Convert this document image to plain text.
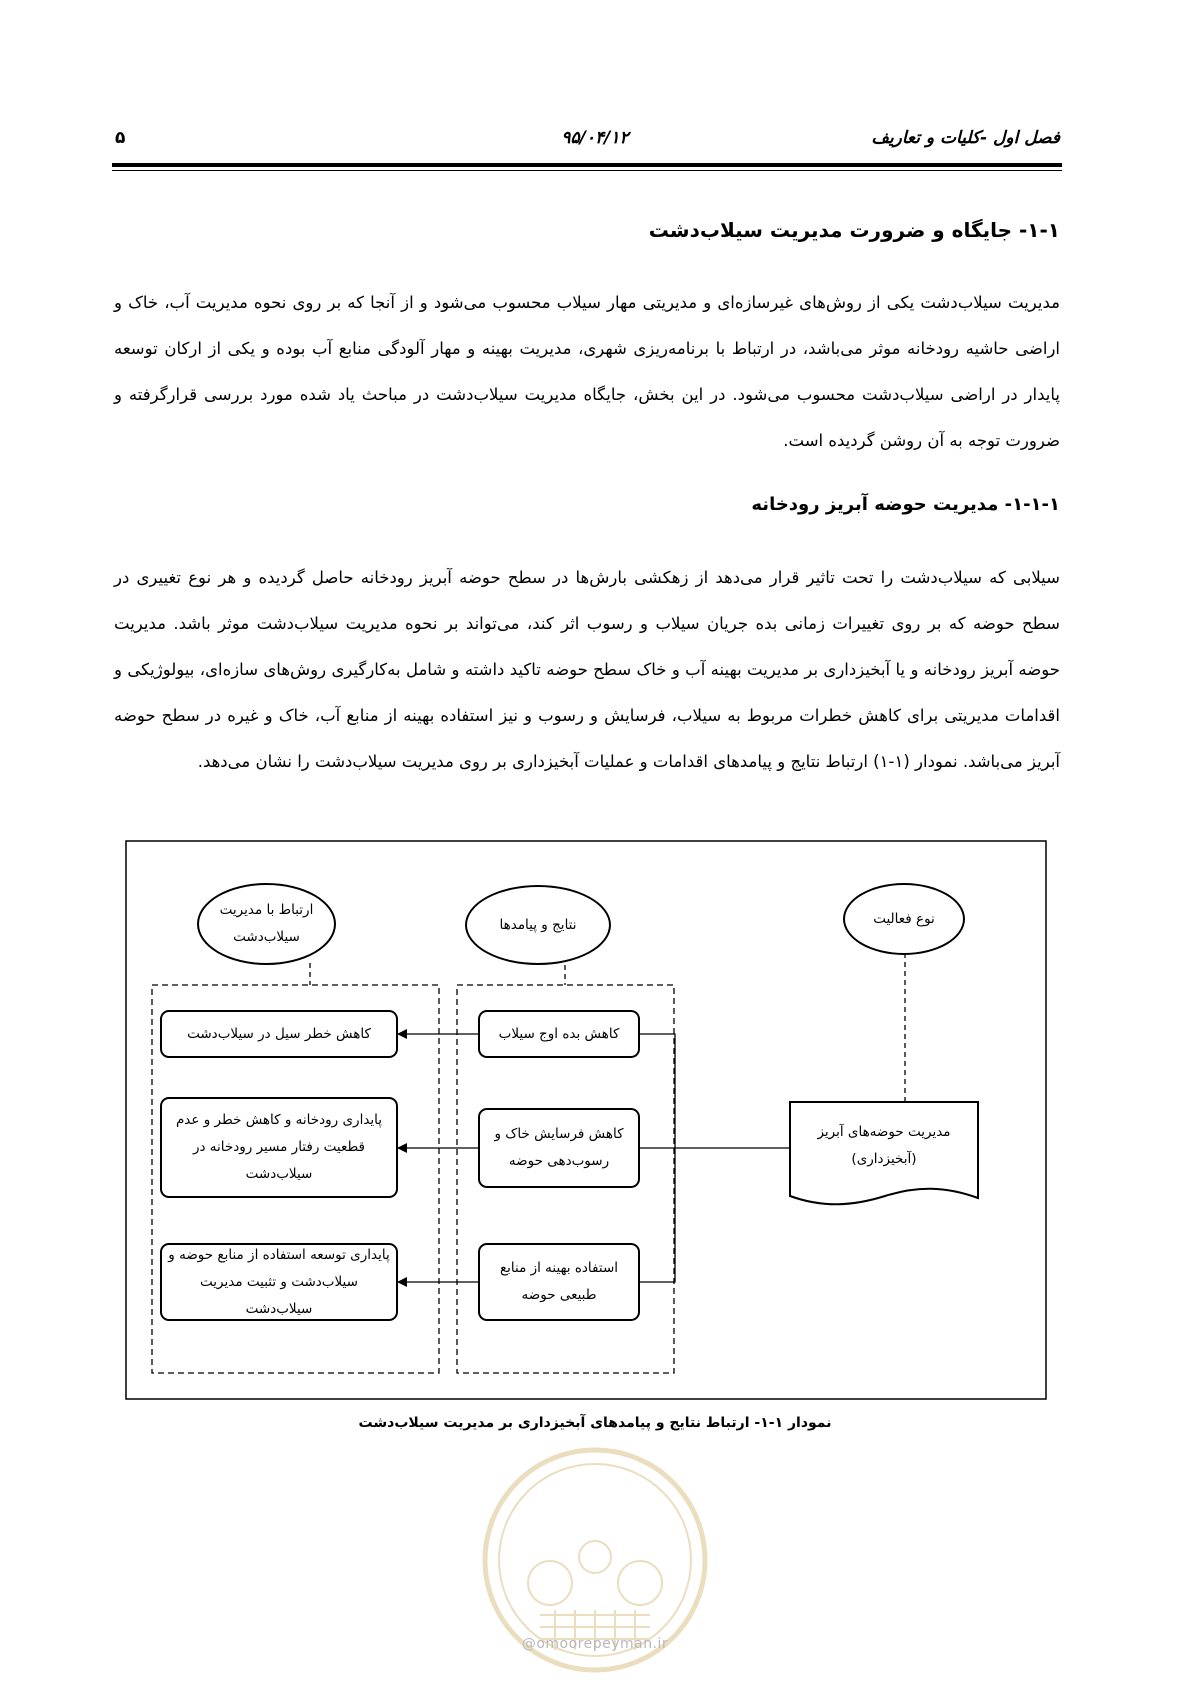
فصل اول -کلیات و تعاریف
۹۵/۰۴/۱۲
۵
۱-۱- جایگاه و ضرورت مدیریت سیلاب‌دشت

مدیریت سیلاب‌دشت یکی از روش‌های غیرسازه‌ای و مدیریتی مهار سیلاب محسوب می‌شود و از آنجا که بر روی نحوه مدیریت آب، خاک و اراضی حاشیه رودخانه موثر می‌باشد، در ارتباط با برنامه‌ریزی شهری، مدیریت بهینه و مهار آلودگی منابع آب بوده و یکی از ارکان توسعه پایدار در اراضی سیلاب‌دشت محسوب می‌شود. در این بخش، جایگاه مدیریت سیلاب‌دشت در مباحث یاد شده مورد بررسی قرارگرفته و ضرورت توجه به آن روشن گردیده است.

۱-۱-۱- مدیریت حوضه آبریز رودخانه

سیلابی که سیلاب‌دشت را تحت تاثیر قرار می‌دهد از زهکشی بارش‌ها در سطح حوضه آبریز رودخانه حاصل گردیده و هر نوع تغییری در سطح حوضه که بر روی تغییرات زمانی بده جریان سیلاب و رسوب اثر کند، می‌تواند بر نحوه مدیریت سیلاب‌دشت موثر باشد. مدیریت حوضه آبریز رودخانه و یا آبخیزداری بر مدیریت بهینه آب و خاک سطح حوضه تاکید داشته و شامل به‌کارگیری روش‌های سازه‌ای، بیولوژیکی و اقدامات مدیریتی برای کاهش خطرات مربوط به سیلاب، فرسایش و رسوب و نیز استفاده بهینه از منابع آب، خاک و غیره در سطح حوضه آبریز می‌باشد. نمودار (۱-۱) ارتباط نتایج و پیامدهای اقدامات و عملیات آبخیزداری بر روی مدیریت سیلاب‌دشت را نشان می‌دهد.

ارتباط با مدیریت سیلاب‌دشت
نتایج و پیامدها	نوع فعالیت
مدیریت حوضه‌های آبریز (آبخیزداری)
کاهش بده اوج سیلاب
کاهش فرسایش خاک و رسوب‌دهی حوضه
استفاده بهینه از منابع طبیعی حوضه
کاهش خطر سیل در سیلاب‌دشت
پایداری رودخانه و کاهش خطر و عدم قطعیت رفتار مسیر رودخانه در سیلاب‌دشت
پایداری توسعه استفاده از منابع حوضه و سیلاب‌دشت و تثبیت مدیریت سیلاب‌دشت
نمودار ۱-۱- ارتباط نتایج و پیامدهای آبخیزداری بر مدیریت سیلاب‌دشت
@omoorepeyman.ir
